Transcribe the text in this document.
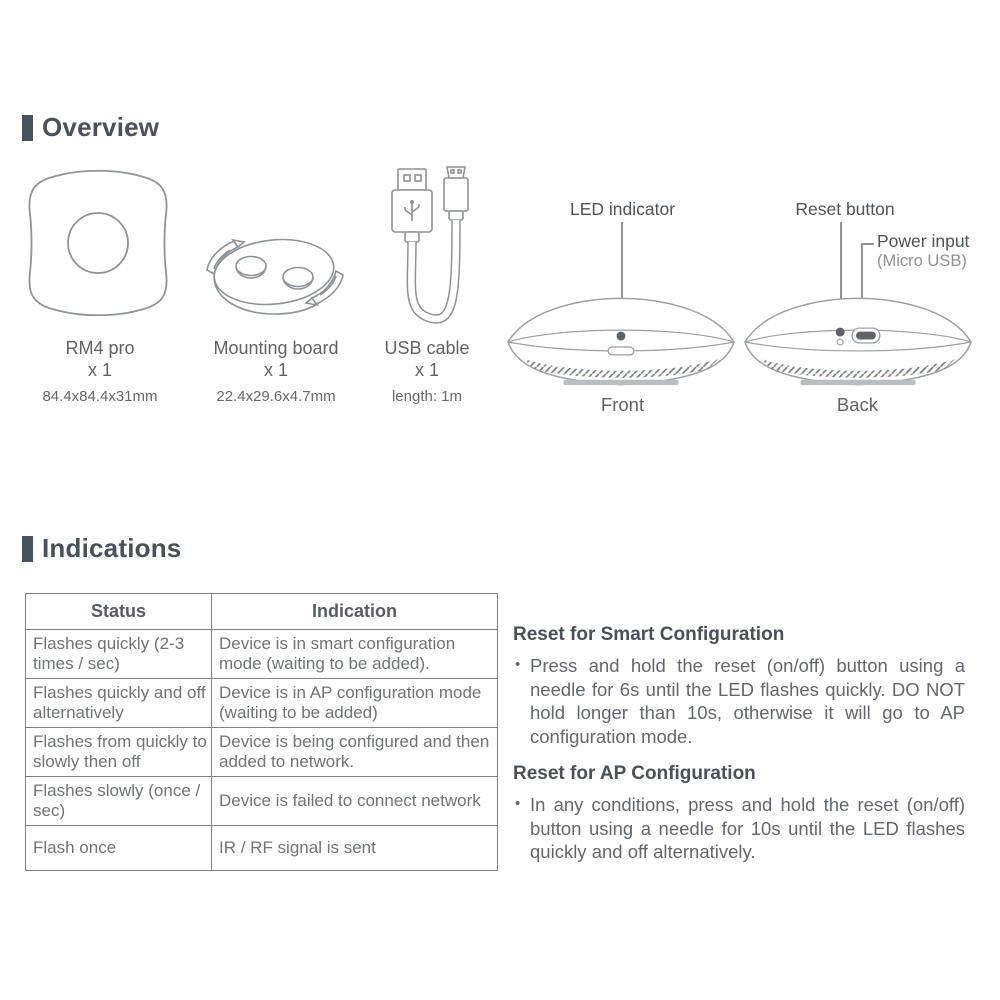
Overview
RM4 pro
x 1
84.4x84.4x31mm
Mounting board
x 1
22.4x29.6x4.7mm
USB cable
x 1
length: 1m
LED indicator	Reset button
Power input
(Micro USB)
Front	Back
Indications
Status	Indication
Flashes quickly (2-3 times / sec)	Device is in smart configuration mode (waiting to be added).
Flashes quickly and off alternatively	Device is in AP configuration mode (waiting to be added)
Flashes from quickly to slowly then off	Device is being configured and then added to network.
Flashes slowly (once / sec)	Device is failed to connect network
Flash once	IR / RF signal is sent
Reset for Smart Configuration
• Press and hold the reset (on/off) button using a needle for 6s until the LED flashes quickly. DO NOT hold longer than 10s, otherwise it will go to AP configuration mode.
Reset for AP Configuration
• In any conditions, press and hold the reset (on/off) button using a needle for 10s until the LED flashes quickly and off alternatively.
